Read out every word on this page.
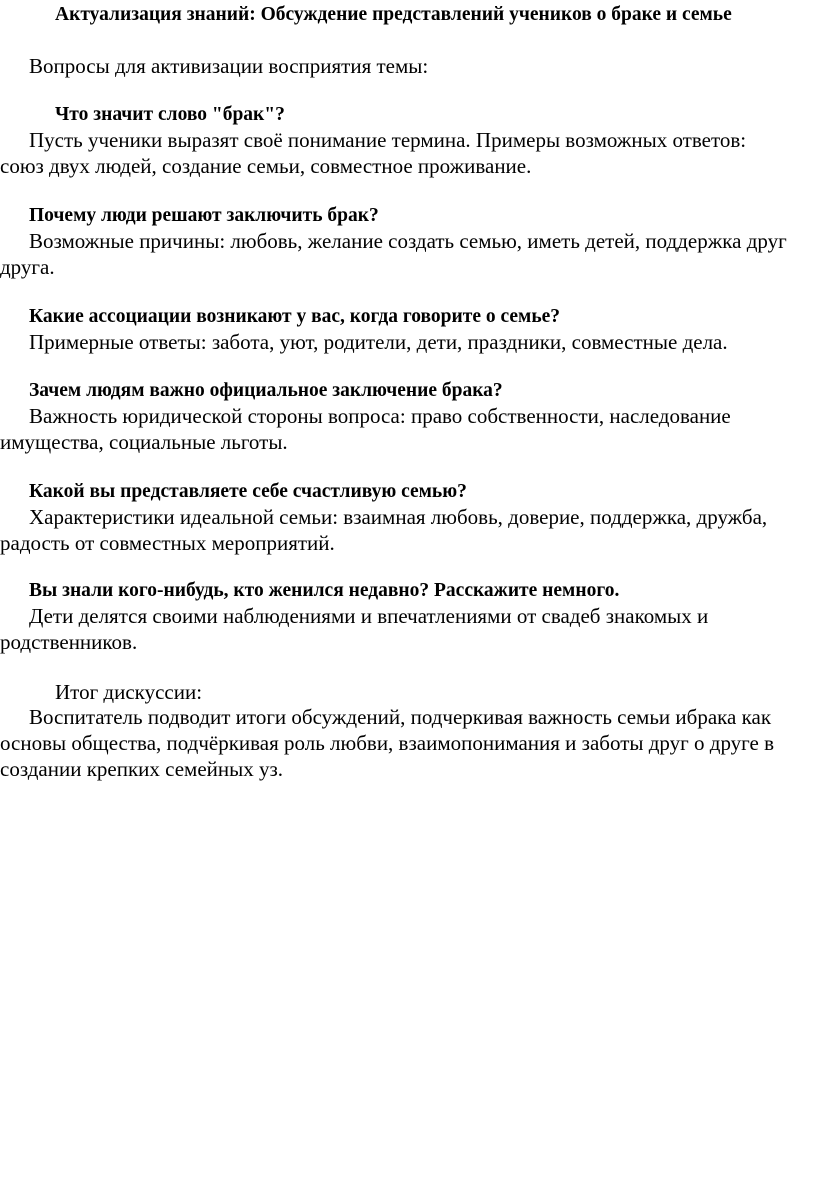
Актуализация знаний: Обсуждение представлений учеников о браке и семье

Вопросы для активизации восприятия темы:

Что значит слово "брак"?

Пусть ученики выразят своё понимание термина. Примеры возможных ответов:

союз двух людей, создание семьи, совместное проживание.

Почему люди решают заключить брак?

Возможные причины: любовь, желание создать семью, иметь детей, поддержка друг

друга.

Какие ассоциации возникают у вас, когда говорите о семье?

Примерные ответы: забота, уют, родители, дети, праздники, совместные дела.

Зачем людям важно официальное заключение брака?

Важность юридической стороны вопроса: право собственности, наследование

имущества, социальные льготы.

Какой вы представляете себе счастливую семью?

Характеристики идеальной семьи: взаимная любовь, доверие, поддержка, дружба,

радость от совместных мероприятий.

Вы знали кого-нибудь, кто женился недавно? Расскажите немного.

Дети делятся своими наблюдениями и впечатлениями от свадеб знакомых и

родственников.

Итог дискуссии:

Воспитатель подводит итоги обсуждений, подчеркивая важность семьи ибрака как

основы общества, подчёркивая роль любви, взаимопонимания и заботы друг о друге в

создании крепких семейных уз.
